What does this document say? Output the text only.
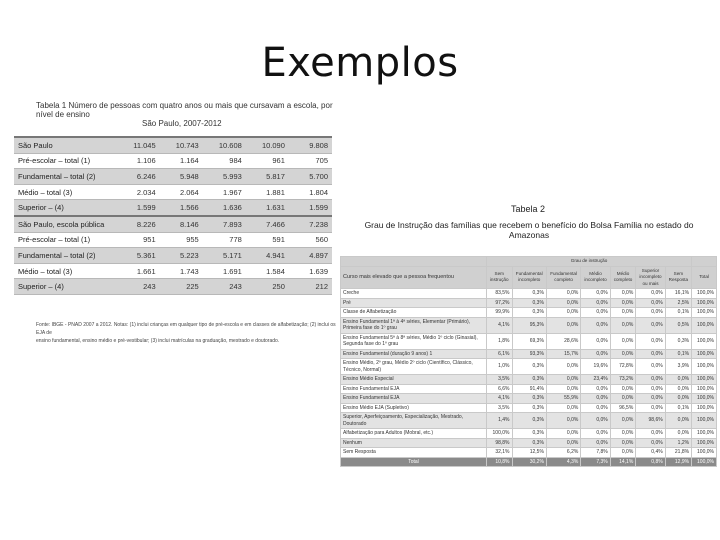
Exemplos
Tabela 1 Número de pessoas com quatro anos ou mais que cursavam a escola, por nível de ensino
São Paulo, 2007-2012
São Paulo	11.045	10.743	10.608	10.090	9.808
Pré-escolar – total (1)	1.106	1.164	984	961	705
Fundamental – total (2)	6.246	5.948	5.993	5.817	5.700
Médio – total (3)	2.034	2.064	1.967	1.881	1.804
Superior – (4)	1.599	1.566	1.636	1.631	1.599
São Paulo, escola pública	8.226	8.146	7.893	7.466	7.238
Pré-escolar – total (1)	951	955	778	591	560
Fundamental – total (2)	5.361	5.223	5.171	4.941	4.897
Médio – total (3)	1.661	1.743	1.691	1.584	1.639
Superior – (4)	243	225	243	250	212
Fonte: IBGE - PNAD 2007 a 2012. Notas: (1) inclui crianças em qualquer tipo de pré-escola e em classes de alfabetização; (2) inclui os EJA de
ensino fundamental, ensino médio e pré-vestibular; (3) inclui matrículas na graduação, mestrado e doutorado.
Tabela 2
Grau de Instrução das famílias que recebem o benefício do Bolsa Família no estado do Amazonas
	Grau de instrução							
Curso mais elevado que a pessoa frequentou	Sem instrução	Fundamental incompleto	Fundamental completo	Médio incompleto	Médio completo	Superior incompleto ou mais	Sem Resposta	Total
Creche	83,5%	0,3%	0,0%	0,0%	0,0%	0,0%	16,1%	100,0%
Pré	97,2%	0,3%	0,0%	0,0%	0,0%	0,0%	2,5%	100,0%
Classe de Alfabetização	99,9%	0,3%	0,0%	0,0%	0,0%	0,0%	0,1%	100,0%
Ensino Fundamental 1ª à 4ª séries, Elementar (Primário), Primeira fase do 1º grau	4,1%	95,3%	0,0%	0,0%	0,0%	0,0%	0,5%	100,0%
Ensino Fundamental 5ª à 8ª séries, Médio 1º ciclo (Ginasial), Segunda fase do 1º grau	1,8%	69,3%	28,6%	0,0%	0,0%	0,0%	0,3%	100,0%
Ensino Fundamental (duração 9 anos) 1	6,1%	93,3%	15,7%	0,0%	0,0%	0,0%	0,1%	100,0%
Ensino Médio, 2º grau, Médio 2º ciclo (Científico, Clássico, Técnico, Normal)	1,0%	0,3%	0,0%	19,6%	72,8%	0,0%	3,9%	100,0%
Ensino Médio Especial	3,5%	0,3%	0,0%	23,4%	73,2%	0,0%	0,0%	100,0%
Ensino Fundamental EJA	6,6%	91,4%	0,0%	0,0%	0,0%	0,0%	0,0%	100,0%
Ensino Fundamental EJA	4,1%	0,3%	55,9%	0,0%	0,0%	0,0%	0,0%	100,0%
Ensino Médio EJA (Supletivo)	3,5%	0,3%	0,0%	0,0%	96,5%	0,0%	0,1%	100,0%
Superior, Aperfeiçoamento, Especialização, Mestrado, Doutorado	1,4%	0,3%	0,0%	0,0%	0,0%	98,6%	0,0%	100,0%
Alfabetização para Adultos (Mobral, etc.)	100,0%	0,3%	0,0%	0,0%	0,0%	0,0%	0,0%	100,0%
Nenhum	98,8%	0,3%	0,0%	0,0%	0,0%	0,0%	1,2%	100,0%
Sem Resposta	32,1%	12,5%	6,2%	7,8%	0,0%	0,4%	21,8%	100,0%
Total	10,8%	30,2%	4,3%	7,3%	14,1%	0,8%	12,9%	100,0%
